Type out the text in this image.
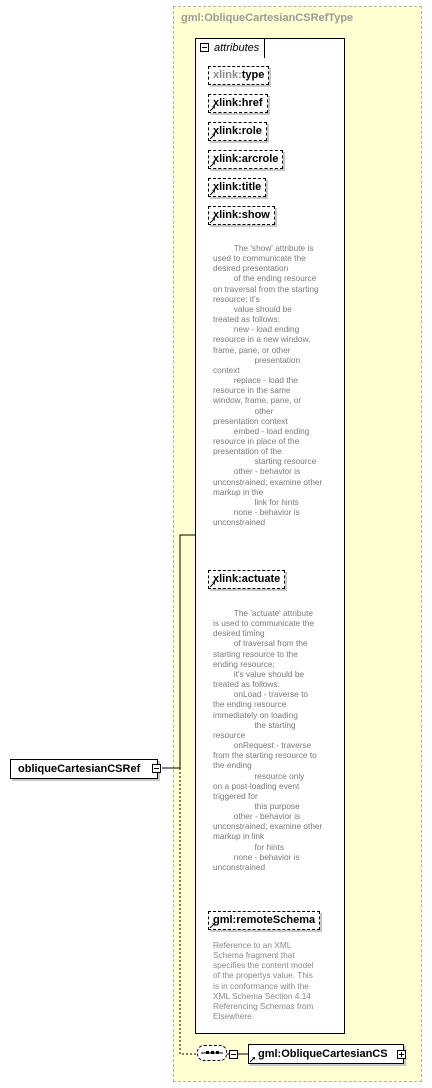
gml:ObliqueCartesianCSRefType
attributes
xlink:type
xlink:href
xlink:role
xlink:arcrole
xlink:title
xlink:show
The 'show' attribute is
used to communicate the
desired presentation
of the ending resource
on traversal from the starting
resource; it's
value should be
treated as follows:
new - load ending
resource in a new window,
frame, pane, or other
presentation
context
replace - load the
resource in the same
window, frame, pane, or
other
presentation context
embed - load ending
resource in place of the
presentation of the
starting resource
other - behavior is
unconstrained; examine other
markup in the
link for hints
none - behavior is
unconstrained
xlink:actuate
The 'actuate' attribute
is used to communicate the
desired timing
of traversal from the
starting resource to the
ending resource;
it's value should be
treated as follows:
onLoad - traverse to
the ending resource
immediately on loading
the starting
resource
onRequest - traverse
from the starting resource to
the ending
resource only
on a post-loading event
triggered for
this purpose
other - behavior is
unconstrained; examine other
markup in link
for hints
none - behavior is
unconstrained
gml:remoteSchema
Reference to an XML
Schema fragment that
specifies the content model
of the propertys value. This
is in conformance with the
XML Schema Section 4.14
Referencing Schemas from
Elsewhere.
obliqueCartesianCSRef
gml:ObliqueCartesianCS
